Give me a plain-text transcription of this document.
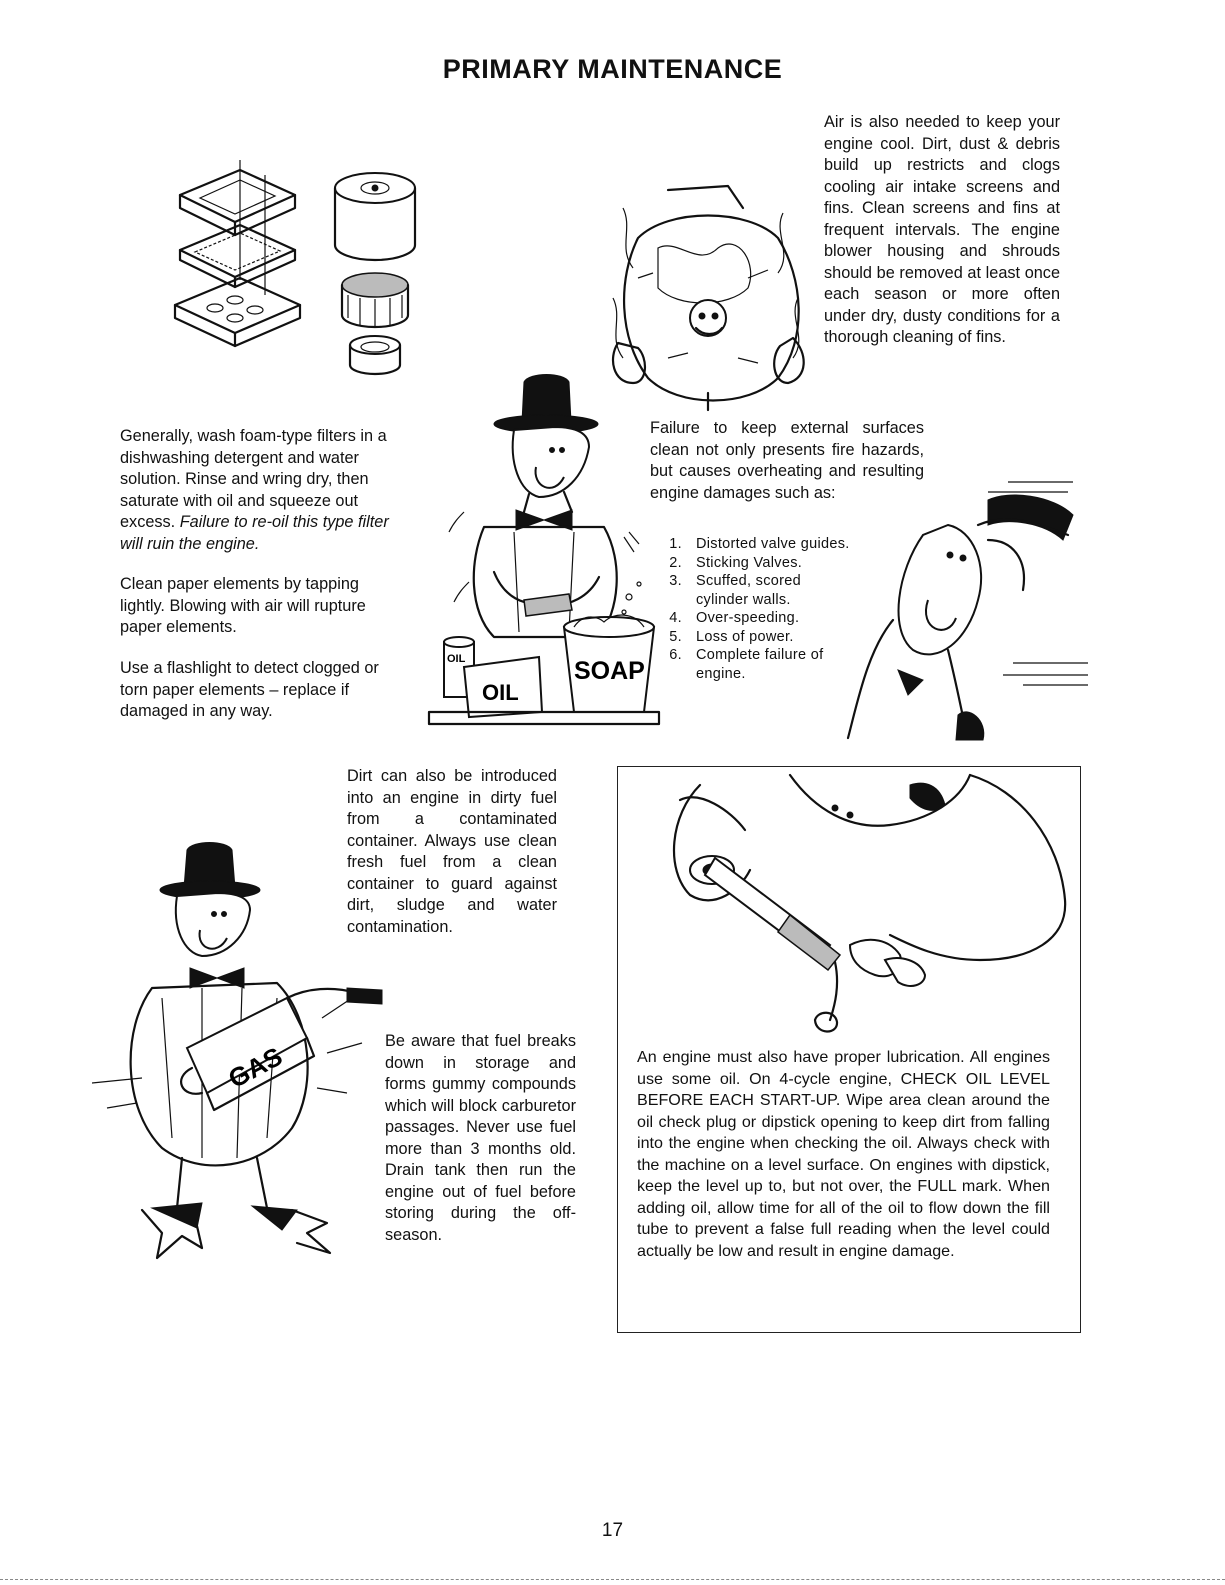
PRIMARY MAINTENANCE
OIL
OIL
SOAP
GAS
Air is also needed to keep your engine cool. Dirt, dust & debris build up restricts and clogs cooling air intake screens and fins. Clean screens and fins at frequent intervals. The engine blower housing and shrouds should be removed at least once each season or more often under dry, dusty conditions for a thorough cleaning of fins.
Generally, wash foam-type filters in a dishwashing detergent and water solution. Rinse and wring dry, then saturate with oil and squeeze out excess. Failure to re-oil this type filter will ruin the engine.
Clean paper elements by tapping lightly. Blowing with air will rupture paper elements.
Use a flashlight to detect clogged or torn paper elements – replace if damaged in any way.
Failure to keep external surfaces clean not only presents fire hazards, but causes overheating and resulting engine damages such as:
1. Distorted valve guides.
2. Sticking Valves.
3. Scuffed, scored cylinder walls.
4. Over-speeding.
5. Loss of power.
6. Complete failure of engine.
Dirt can also be introduced into an engine in dirty fuel from a contaminated container. Always use clean fresh fuel from a clean container to guard against dirt, sludge and water contamination.
Be aware that fuel breaks down in storage and forms gummy compounds which will block carburetor passages. Never use fuel more than 3 months old. Drain tank then run the engine out of fuel before storing during the off-season.
An engine must also have proper lubrication. All engines use some oil. On 4-cycle engine, CHECK OIL LEVEL BEFORE EACH START-UP. Wipe area clean around the oil check plug or dipstick opening to keep dirt from falling into the engine when checking the oil. Always check with the machine on a level surface. On engines with dipstick, keep the level up to, but not over, the FULL mark. When adding oil, allow time for all of the oil to flow down the fill tube to prevent a false full reading when the level could actually be low and result in engine damage.
17
